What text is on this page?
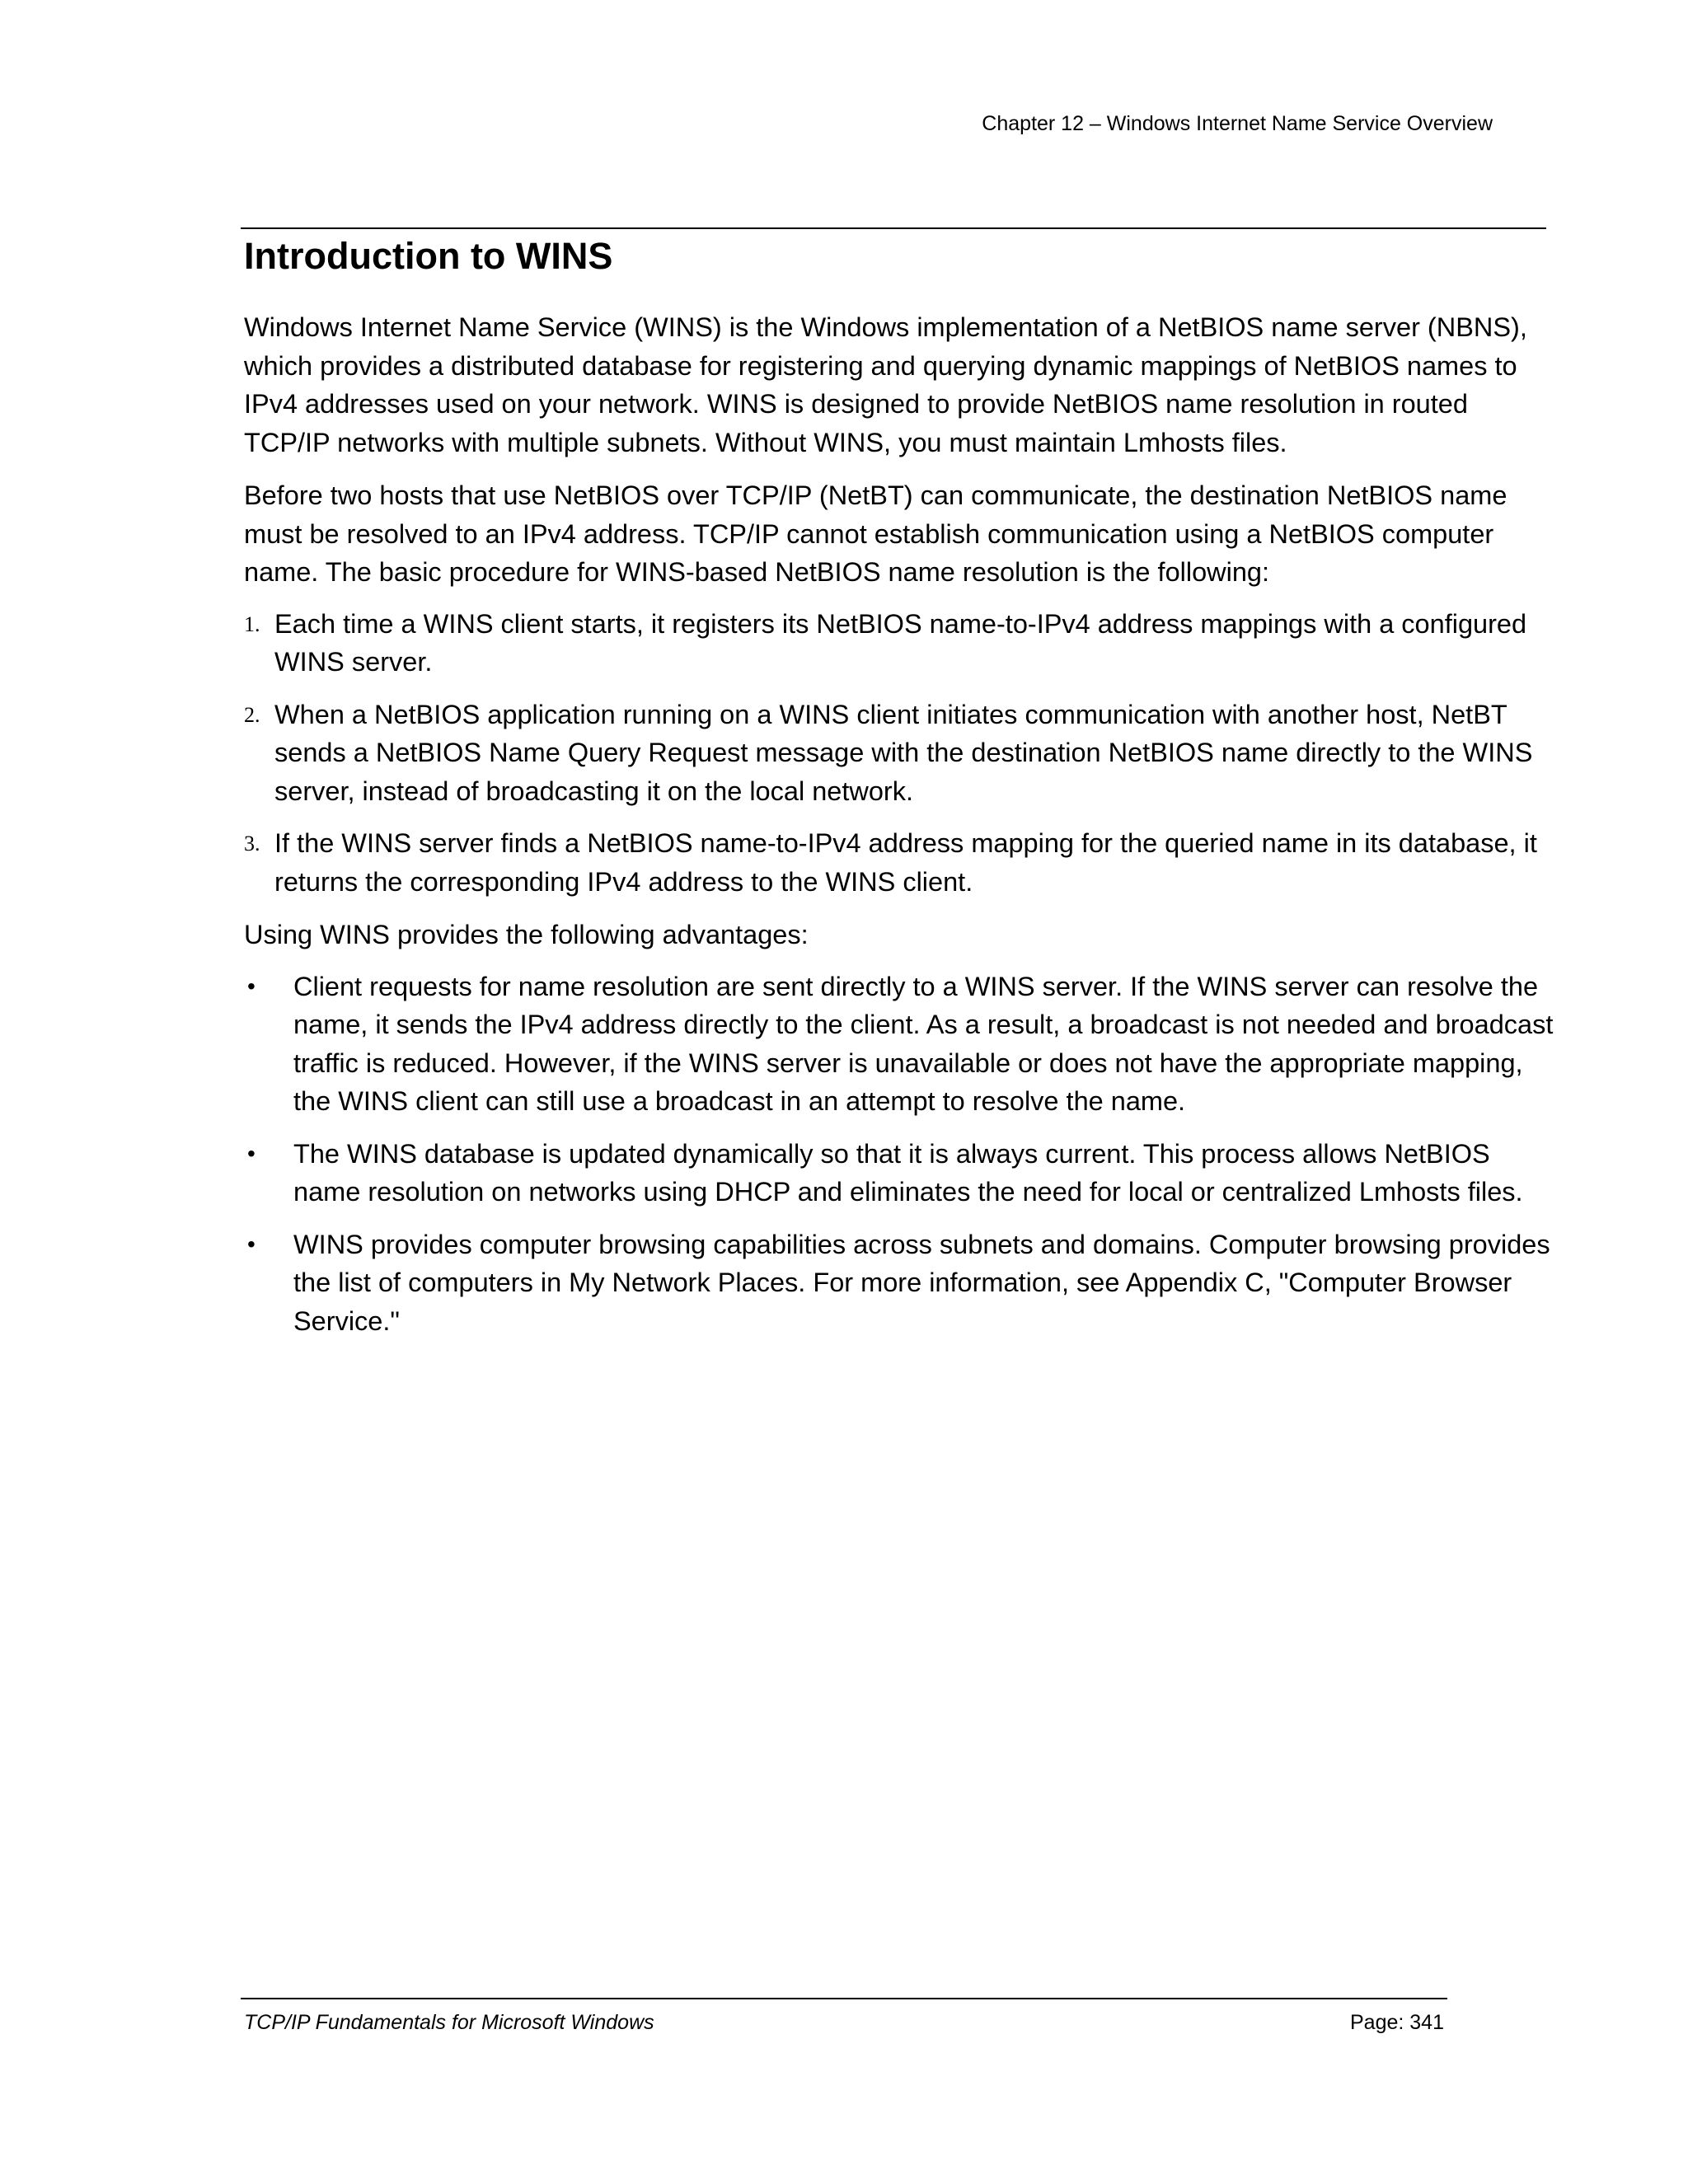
Chapter 12 – Windows Internet Name Service Overview
Introduction to WINS

Windows Internet Name Service (WINS) is the Windows implementation of a NetBIOS name server (NBNS), which provides a distributed database for registering and querying dynamic mappings of NetBIOS names to IPv4 addresses used on your network. WINS is designed to provide NetBIOS name resolution in routed TCP/IP networks with multiple subnets. Without WINS, you must maintain Lmhosts files.

Before two hosts that use NetBIOS over TCP/IP (NetBT) can communicate, the destination NetBIOS name must be resolved to an IPv4 address. TCP/IP cannot establish communication using a NetBIOS computer name. The basic procedure for WINS-based NetBIOS name resolution is the following:

1. Each time a WINS client starts, it registers its NetBIOS name-to-IPv4 address mappings with a configured WINS server.
2. When a NetBIOS application running on a WINS client initiates communication with another host, NetBT sends a NetBIOS Name Query Request message with the destination NetBIOS name directly to the WINS server, instead of broadcasting it on the local network.
3. If the WINS server finds a NetBIOS name-to-IPv4 address mapping for the queried name in its database, it returns the corresponding IPv4 address to the WINS client.

Using WINS provides the following advantages:

• Client requests for name resolution are sent directly to a WINS server. If the WINS server can resolve the name, it sends the IPv4 address directly to the client. As a result, a broadcast is not needed and broadcast traffic is reduced. However, if the WINS server is unavailable or does not have the appropriate mapping, the WINS client can still use a broadcast in an attempt to resolve the name.
• The WINS database is updated dynamically so that it is always current. This process allows NetBIOS name resolution on networks using DHCP and eliminates the need for local or centralized Lmhosts files.
• WINS provides computer browsing capabilities across subnets and domains. Computer browsing provides the list of computers in My Network Places. For more information, see Appendix C, "Computer Browser Service."
TCP/IP Fundamentals for Microsoft Windows	Page: 341
